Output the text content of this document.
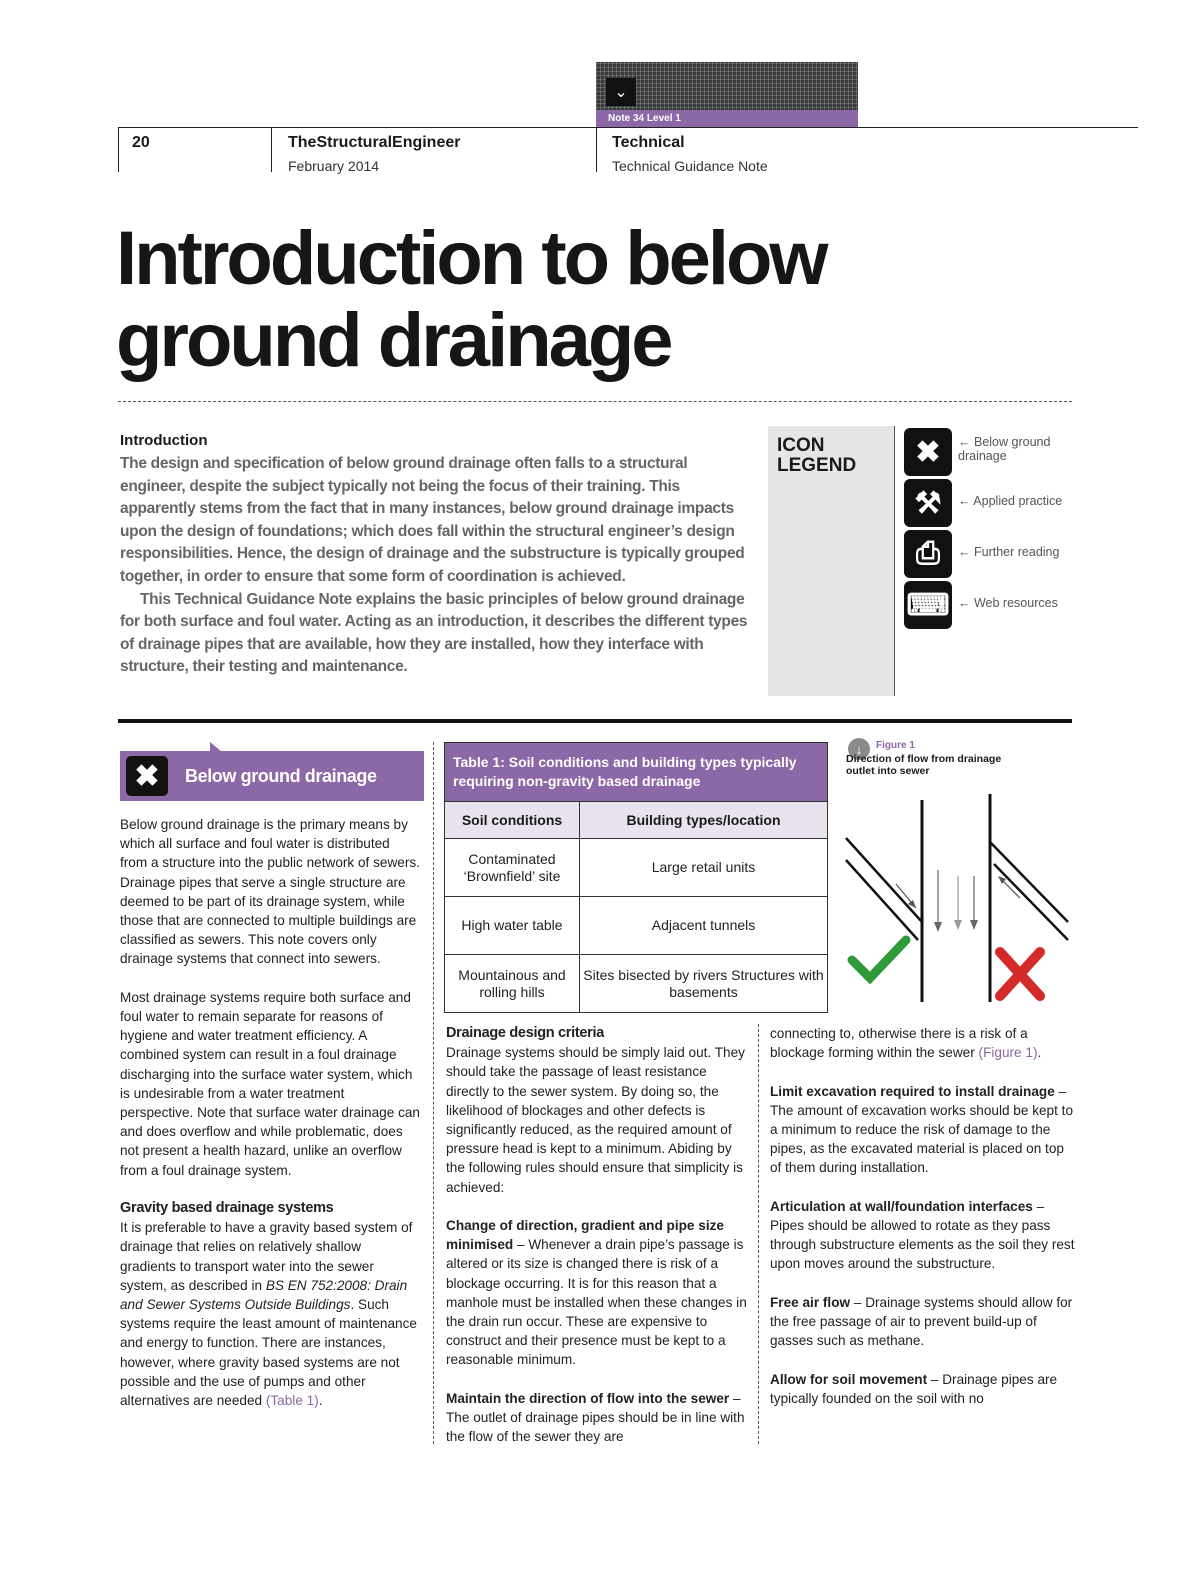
⌄
Note 34 Level 1
20	TheStructuralEngineer
February 2014
Technical
Technical Guidance Note
Introduction to below
ground drainage
Introduction

The design and specification of below ground drainage often falls to a structural engineer, despite the subject typically not being the focus of their training. This apparently stems from the fact that in many instances, below ground drainage impacts upon the design of foundations; which does fall within the structural engineer’s design responsibilities. Hence, the design of drainage and the substructure is typically grouped together, in order to ensure that some form of coordination is achieved.

This Technical Guidance Note explains the basic principles of below ground drainage for both surface and foul water. Acting as an introduction, it describes the different types of drainage pipes that are available, how they are installed, how they interface with structure, their testing and maintenance.

ICON LEGEND	✖	← Below ground drainage
⚒	← Applied practice
⎙	← Further reading
⌨ ← Web resources
✖	Below ground drainage

Below ground drainage is the primary means by which all surface and foul water is distributed from a structure into the public network of sewers. Drainage pipes that serve a single structure are deemed to be part of its drainage system, while those that are connected to multiple buildings are classified as sewers. This note covers only drainage systems that connect into sewers.

Most drainage systems require both surface and foul water to remain separate for reasons of hygiene and water treatment efficiency. A combined system can result in a foul drainage discharging into the surface water system, which is undesirable from a water treatment perspective. Note that surface water drainage can and does overflow and while problematic, does not present a health hazard, unlike an overflow from a foul drainage system.

Gravity based drainage systems

It is preferable to have a gravity based system of drainage that relies on relatively shallow gradients to transport water into the sewer system, as described in BS EN 752:2008: Drain and Sewer Systems Outside Buildings. Such systems require the least amount of maintenance and energy to function. There are instances, however, where gravity based systems are not possible and the use of pumps and other alternatives are needed (Table 1).

Table 1: Soil conditions and building types typically requiring non-gravity based drainage	
Soil conditions	Building types/location
Contaminated ‘Brownfield’ site	Large retail units
High water table	Adjacent tunnels
Mountainous and rolling hills	Sites bisected by rivers Structures with basements
↓	Figure 1
Direction of flow from drainage outlet into sewer
Drainage design criteria

Drainage systems should be simply laid out. They should take the passage of least resistance directly to the sewer system. By doing so, the likelihood of blockages and other defects is significantly reduced, as the required amount of pressure head is kept to a minimum. Abiding by the following rules should ensure that simplicity is achieved:

Change of direction, gradient and pipe size minimised – Whenever a drain pipe’s passage is altered or its size is changed there is risk of a blockage occurring. It is for this reason that a manhole must be installed when these changes in the drain run occur. These are expensive to construct and their presence must be kept to a reasonable minimum.

Maintain the direction of flow into the sewer – The outlet of drainage pipes should be in line with the flow of the sewer they are

connecting to, otherwise there is a risk of a blockage forming within the sewer (Figure 1).

Limit excavation required to install drainage – The amount of excavation works should be kept to a minimum to reduce the risk of damage to the pipes, as the excavated material is placed on top of them during installation.

Articulation at wall/foundation interfaces – Pipes should be allowed to rotate as they pass through substructure elements as the soil they rest upon moves around the substructure.

Free air flow – Drainage systems should allow for the free passage of air to prevent build-up of gasses such as methane.

Allow for soil movement – Drainage pipes are typically founded on the soil with no
